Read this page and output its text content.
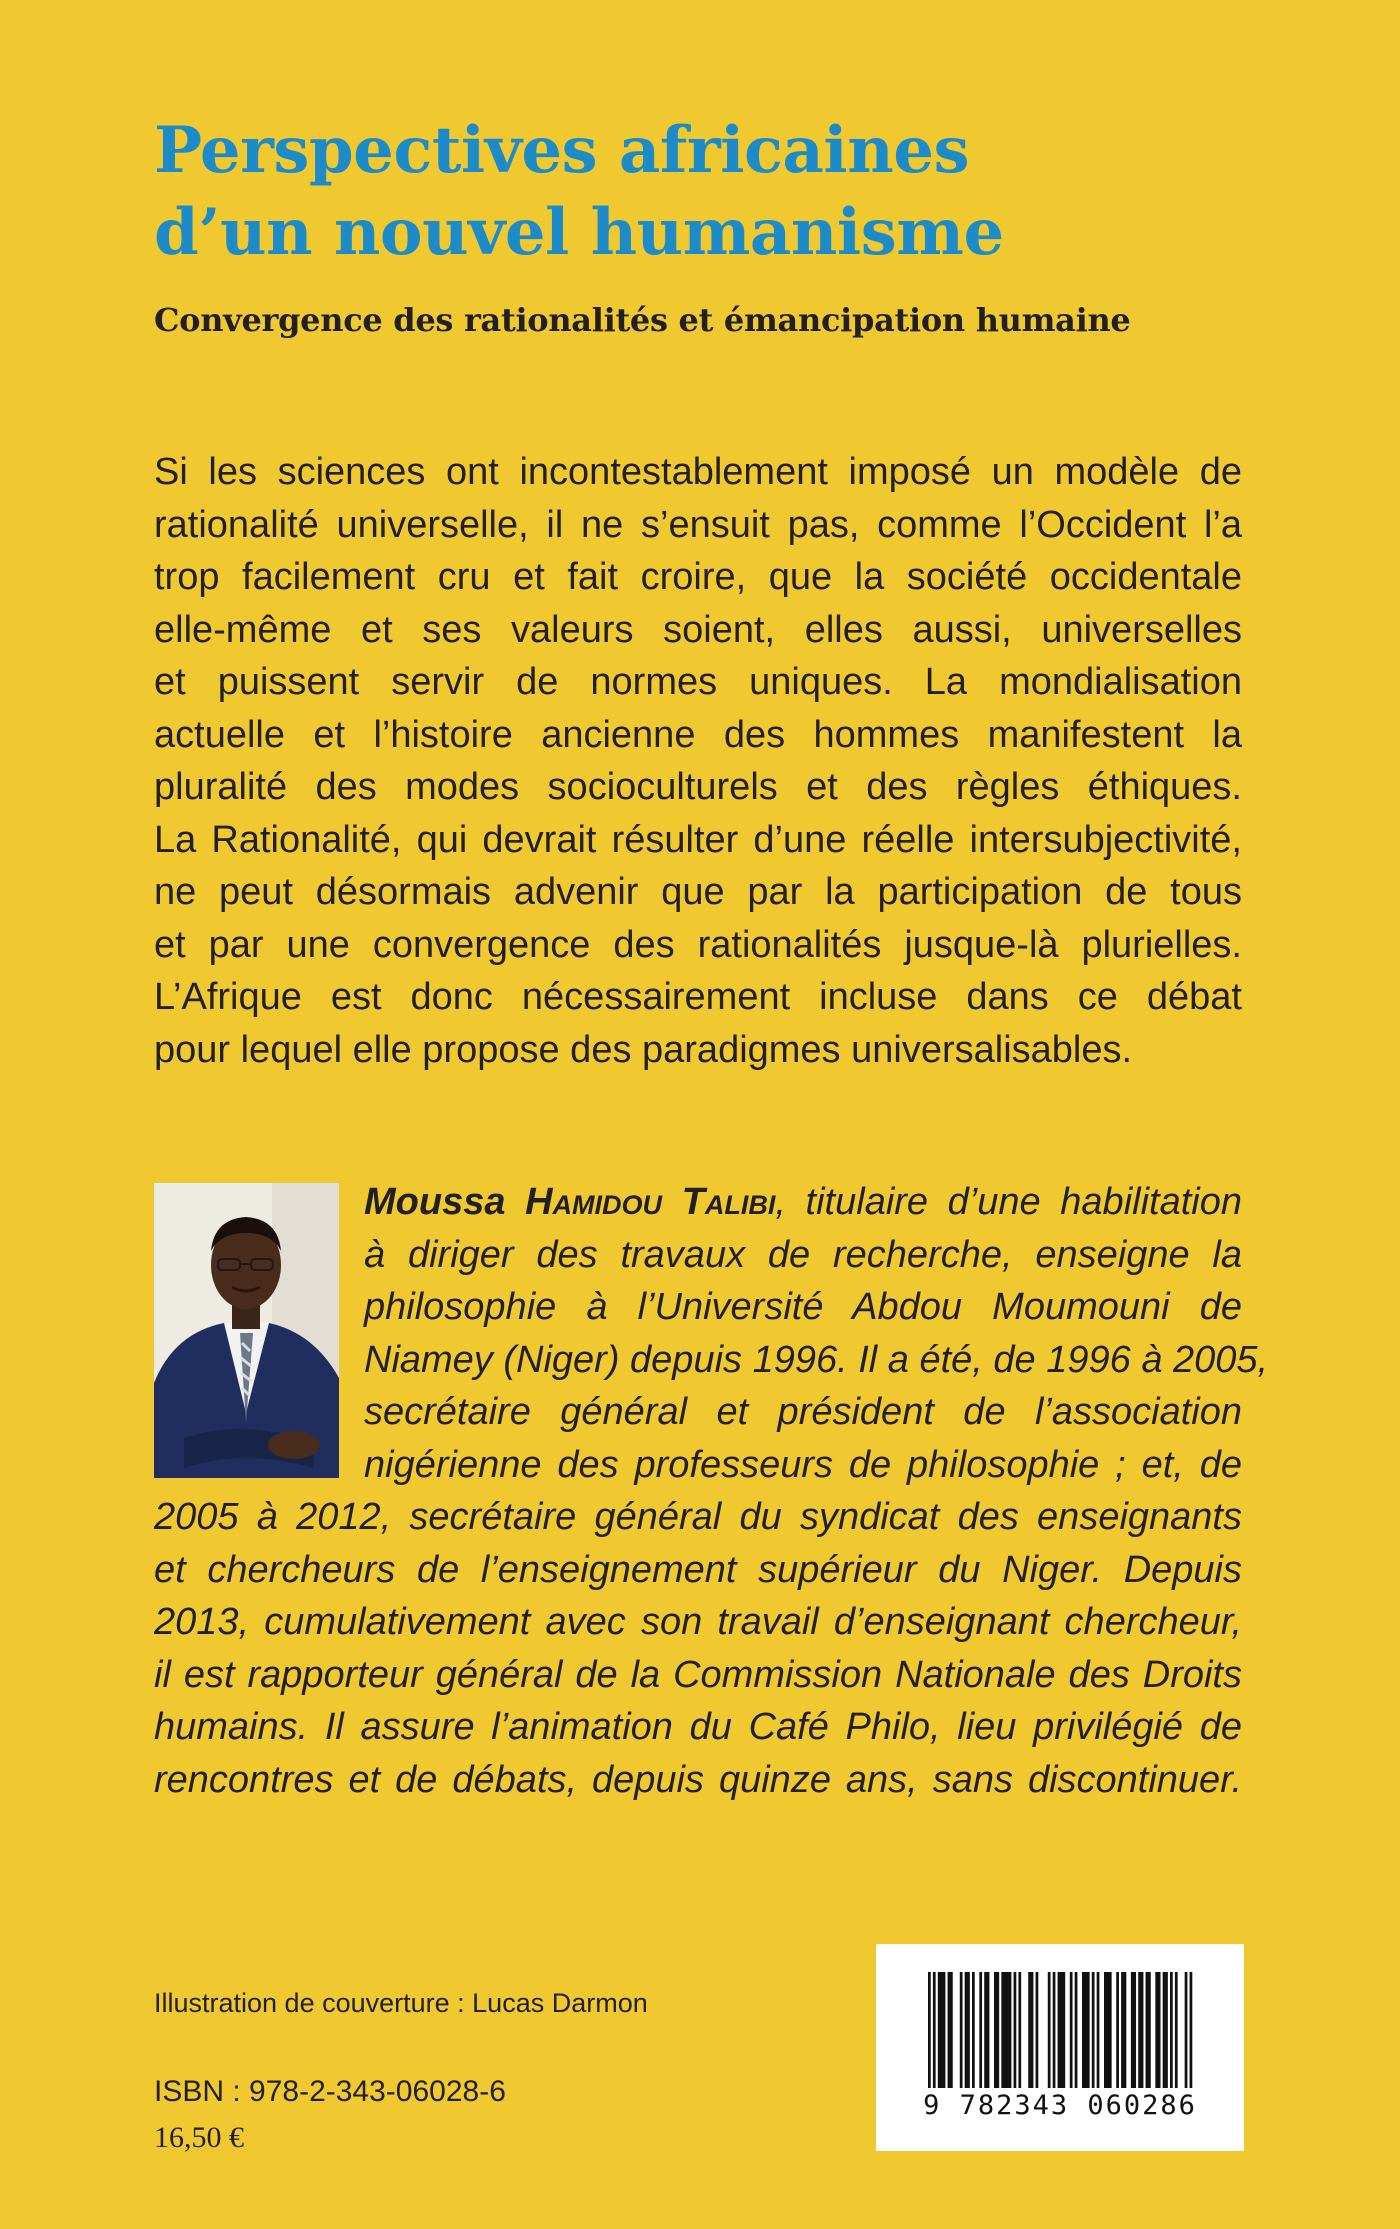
Perspectives africaines
d’un nouvel humanisme
Convergence des rationalités et émancipation humaine
Si les sciences ont incontestablement imposé un modèle de
rationalité universelle, il ne s’ensuit pas, comme l’Occident l’a
trop facilement cru et fait croire, que la société occidentale
elle-même et ses valeurs soient, elles aussi, universelles
et puissent servir de normes uniques. La mondialisation
actuelle et l’histoire ancienne des hommes manifestent la
pluralité des modes socioculturels et des règles éthiques.
La Rationalité, qui devrait résulter d’une réelle intersubjectivité,
ne peut désormais advenir que par la participation de tous
et par une convergence des rationalités jusque-là plurielles.
L’Afrique est donc nécessairement incluse dans ce débat
pour lequel elle propose des paradigmes universalisables.
Moussa Hamidou Talibi, titulaire d’une habilitation
à diriger des travaux de recherche, enseigne la
philosophie à l’Université Abdou Moumouni de
Niamey (Niger) depuis 1996. Il a été, de 1996 à 2005,
secrétaire général et président de l’association
nigérienne des professeurs de philosophie ; et, de
2005 à 2012, secrétaire général du syndicat des enseignants
et chercheurs de l’enseignement supérieur du Niger. Depuis
2013, cumulativement avec son travail d’enseignant chercheur,
il est rapporteur général de la Commission Nationale des Droits
humains. Il assure l’animation du Café Philo, lieu privilégié de
rencontres et de débats, depuis quinze ans, sans discontinuer.
Illustration de couverture : Lucas Darmon
ISBN : 978-2-343-06028-6
16,50 €
9 782343 060286
